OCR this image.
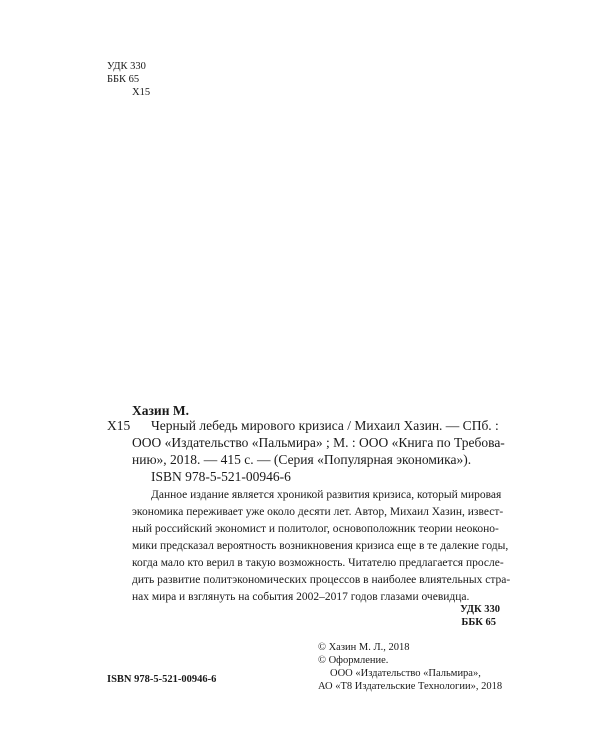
УДК 330
ББК 65
Х15
Хазин М.
Х15 Черный лебедь мирового кризиса / Михаил Хазин. — СПб. :
ООО «Издательство «Пальмира» ; М. : ООО «Книга по Требова-
нию», 2018. — 415 с. — (Серия «Популярная экономика»).
ISBN 978-5-521-00946-6
Данное издание является хроникой развития кризиса, который мировая
экономика переживает уже около десяти лет. Автор, Михаил Хазин, извест-
ный российский экономист и политолог, основоположник теории неоконо-
мики предсказал вероятность возникновения кризиса еще в те далекие годы,
когда мало кто верил в такую возможность. Читателю предлагается просле-
дить развитие политэкономических процессов в наиболее влиятельных стра-
нах мира и взглянуть на события 2002–2017 годов глазами очевидца.
УДК 330
ББК 65
© Хазин М. Л., 2018
© Оформление.
ООО «Издательство «Пальмира»,
АО «Т8 Издательские Технологии», 2018
ISBN 978-5-521-00946-6
